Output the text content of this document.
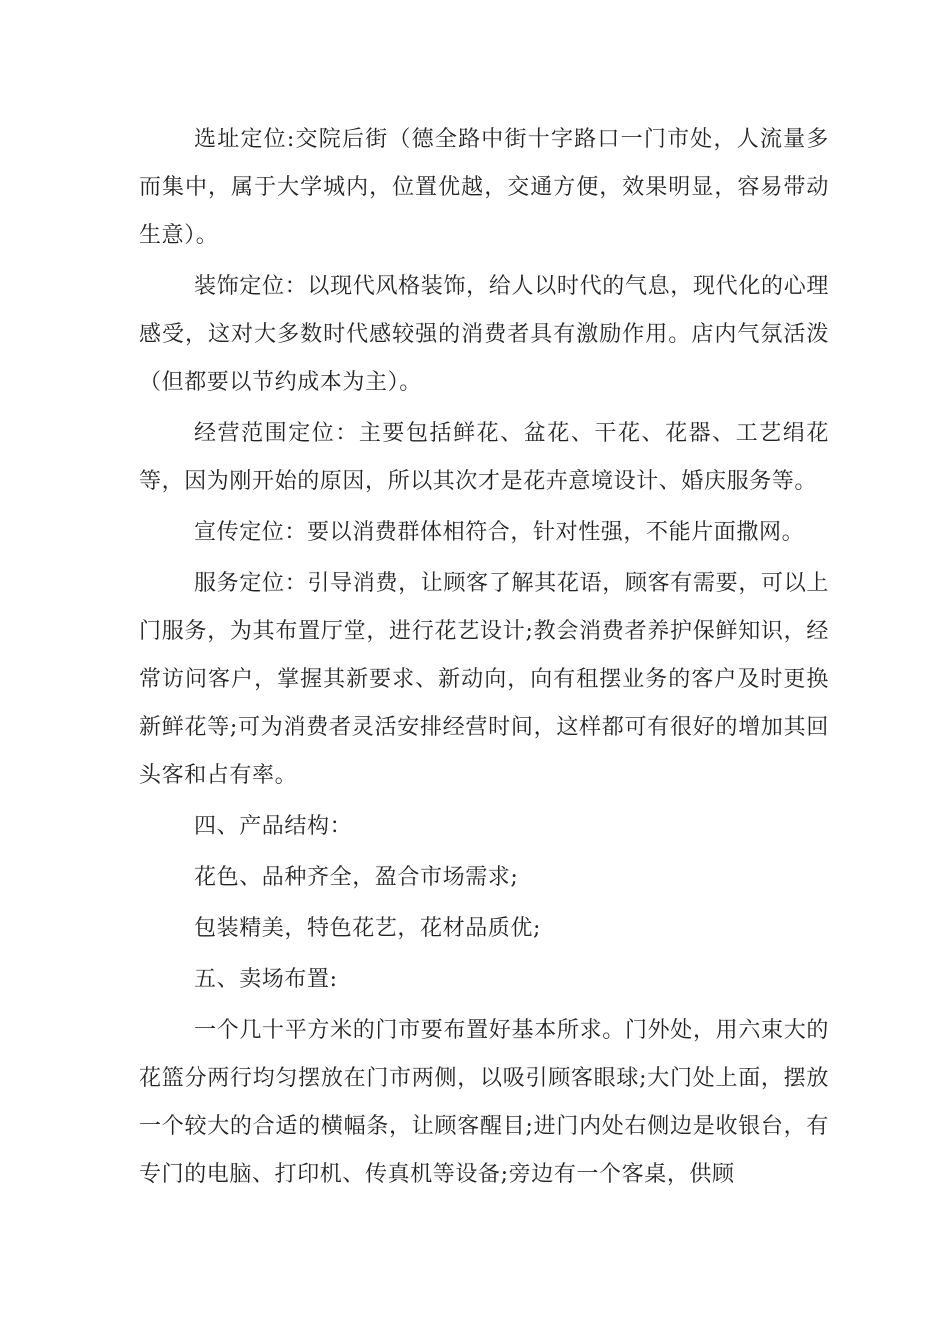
选址定位:交院后街（德全路中街十字路口一门市处，人流量多而集中，属于大学城内，位置优越，交通方便，效果明显，容易带动生意）。

装饰定位：以现代风格装饰，给人以时代的气息，现代化的心理感受，这对大多数时代感较强的消费者具有激励作用。店内气氛活泼（但都要以节约成本为主）。

经营范围定位：主要包括鲜花、盆花、干花、花器、工艺绢花等，因为刚开始的原因，所以其次才是花卉意境设计、婚庆服务等。

宣传定位：要以消费群体相符合，针对性强，不能片面撒网。

服务定位：引导消费，让顾客了解其花语，顾客有需要，可以上门服务，为其布置厅堂，进行花艺设计;教会消费者养护保鲜知识，经常访问客户，掌握其新要求、新动向，向有租摆业务的客户及时更换新鲜花等;可为消费者灵活安排经营时间，这样都可有很好的增加其回头客和占有率。

四、产品结构：

花色、品种齐全，盈合市场需求;

包装精美，特色花艺，花材品质优;

五、卖场布置:

一个几十平方米的门市要布置好基本所求。门外处，用六束大的花篮分两行均匀摆放在门市两侧，以吸引顾客眼球;大门处上面，摆放一个较大的合适的横幅条，让顾客醒目;进门内处右侧边是收银台，有专门的电脑、打印机、传真机等设备;旁边有一个客桌，供顾
